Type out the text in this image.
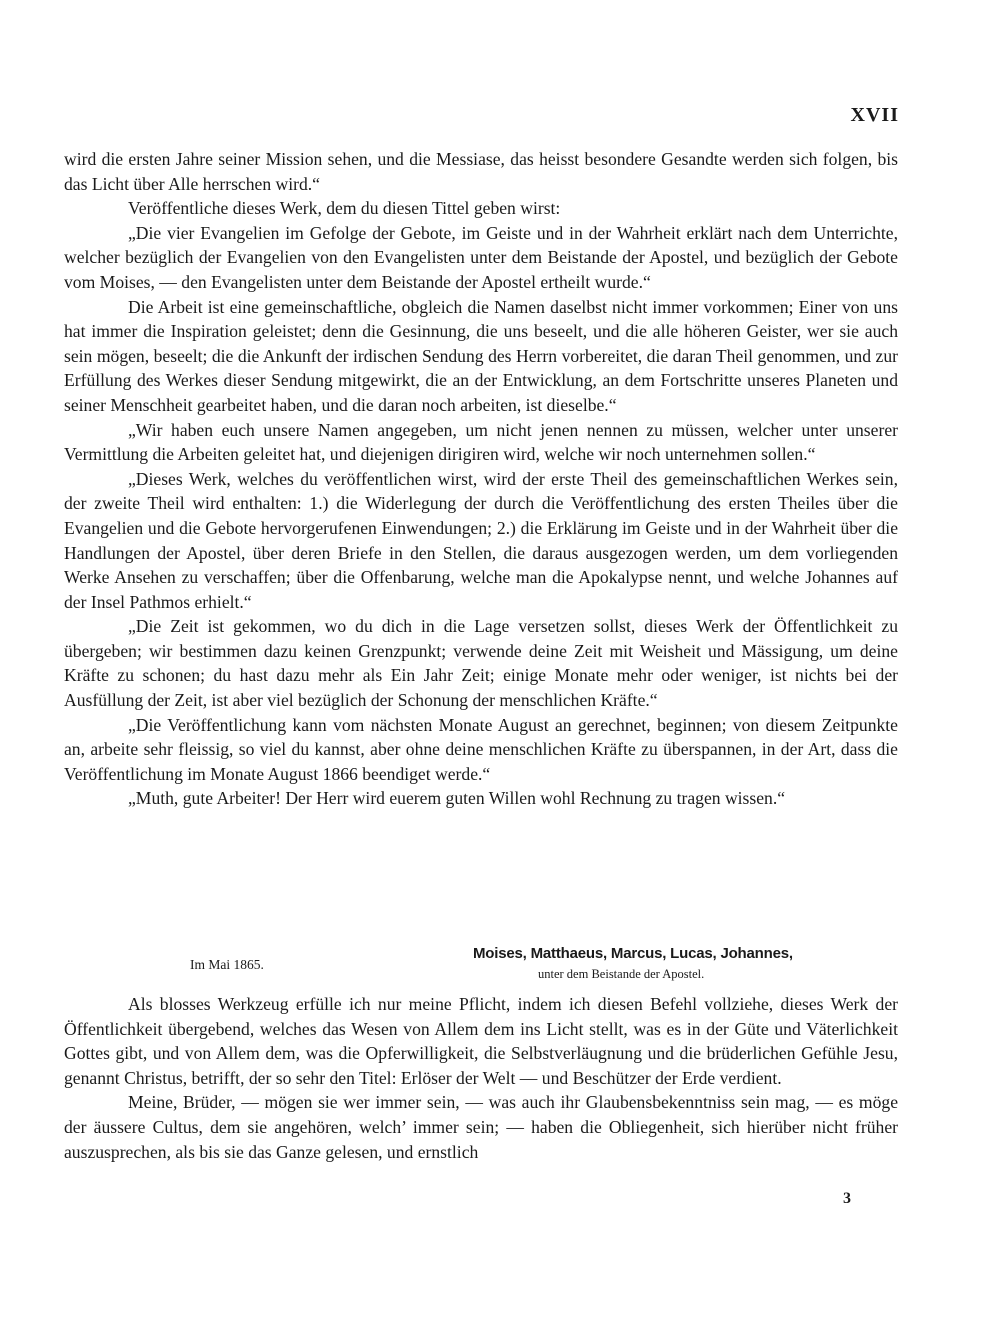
XVII

wird die ersten Jahre seiner Mission sehen, und die Messiase, das heisst besondere Gesandte werden sich folgen, bis das Licht über Alle herrschen wird.“

Veröffentliche dieses Werk, dem du diesen Tittel geben wirst:

„Die vier Evangelien im Gefolge der Gebote, im Geiste und in der Wahrheit erklärt nach dem Unterrichte, welcher bezüglich der Evangelien von den Evangelisten unter dem Beistande der Apostel, und bezüglich der Gebote vom Moises, — den Evangelisten unter dem Beistande der Apostel ertheilt wurde.“

Die Arbeit ist eine gemeinschaftliche, obgleich die Namen daselbst nicht immer vorkommen; Einer von uns hat immer die Inspiration geleistet; denn die Gesinnung, die uns beseelt, und die alle höheren Geister, wer sie auch sein mögen, beseelt; die die Ankunft der irdischen Sendung des Herrn vorbereitet, die daran Theil genommen, und zur Erfüllung des Werkes dieser Sendung mitgewirkt, die an der Entwicklung, an dem Fortschritte unseres Planeten und seiner Menschheit gearbeitet haben, und die daran noch arbeiten, ist dieselbe.“

„Wir haben euch unsere Namen angegeben, um nicht jenen nennen zu müssen, welcher unter unserer Vermittlung die Arbeiten geleitet hat, und diejenigen dirigiren wird, welche wir noch unternehmen sollen.“

„Dieses Werk, welches du veröffentlichen wirst, wird der erste Theil des gemeinschaftlichen Werkes sein, der zweite Theil wird enthalten: 1.) die Widerlegung der durch die Veröffentlichung des ersten Theiles über die Evangelien und die Gebote hervorgerufenen Einwendungen; 2.) die Erklärung im Geiste und in der Wahrheit über die Handlungen der Apostel, über deren Briefe in den Stellen, die daraus ausgezogen werden, um dem vorliegenden Werke Ansehen zu verschaffen; über die Offenbarung, welche man die Apokalypse nennt, und welche Johannes auf der Insel Pathmos erhielt.“

„Die Zeit ist gekommen, wo du dich in die Lage versetzen sollst, dieses Werk der Öffentlichkeit zu übergeben; wir bestimmen dazu keinen Grenzpunkt; verwende deine Zeit mit Weisheit und Mässigung, um deine Kräfte zu schonen; du hast dazu mehr als Ein Jahr Zeit; einige Monate mehr oder weniger, ist nichts bei der Ausfüllung der Zeit, ist aber viel bezüglich der Schonung der menschlichen Kräfte.“

„Die Veröffentlichung kann vom nächsten Monate August an gerechnet, beginnen; von diesem Zeitpunkte an, arbeite sehr fleissig, so viel du kannst, aber ohne deine menschlichen Kräfte zu überspannen, in der Art, dass die Veröffentlichung im Monate August 1866 beendiget werde.“

„Muth, gute Arbeiter! Der Herr wird euerem guten Willen wohl Rechnung zu tragen wissen.“

Im Mai 1865.
Moises, Matthaeus, Marcus, Lucas, Johannes,
unter dem Beistande der Apostel.

Als blosses Werkzeug erfülle ich nur meine Pflicht, indem ich diesen Befehl vollziehe, dieses Werk der Öffentlichkeit übergebend, welches das Wesen von Allem dem ins Licht stellt, was es in der Güte und Väterlichkeit Gottes gibt, und von Allem dem, was die Opferwilligkeit, die Selbstverläugnung und die brüderlichen Gefühle Jesu, genannt Christus, betrifft, der so sehr den Titel: Erlöser der Welt — und Beschützer der Erde verdient.

Meine, Brüder, — mögen sie wer immer sein, — was auch ihr Glaubensbekenntniss sein mag, — es möge der äussere Cultus, dem sie angehören, welch’ immer sein; — haben die Obliegenheit, sich hierüber nicht früher auszusprechen, als bis sie das Ganze gelesen, und ernstlich

3
